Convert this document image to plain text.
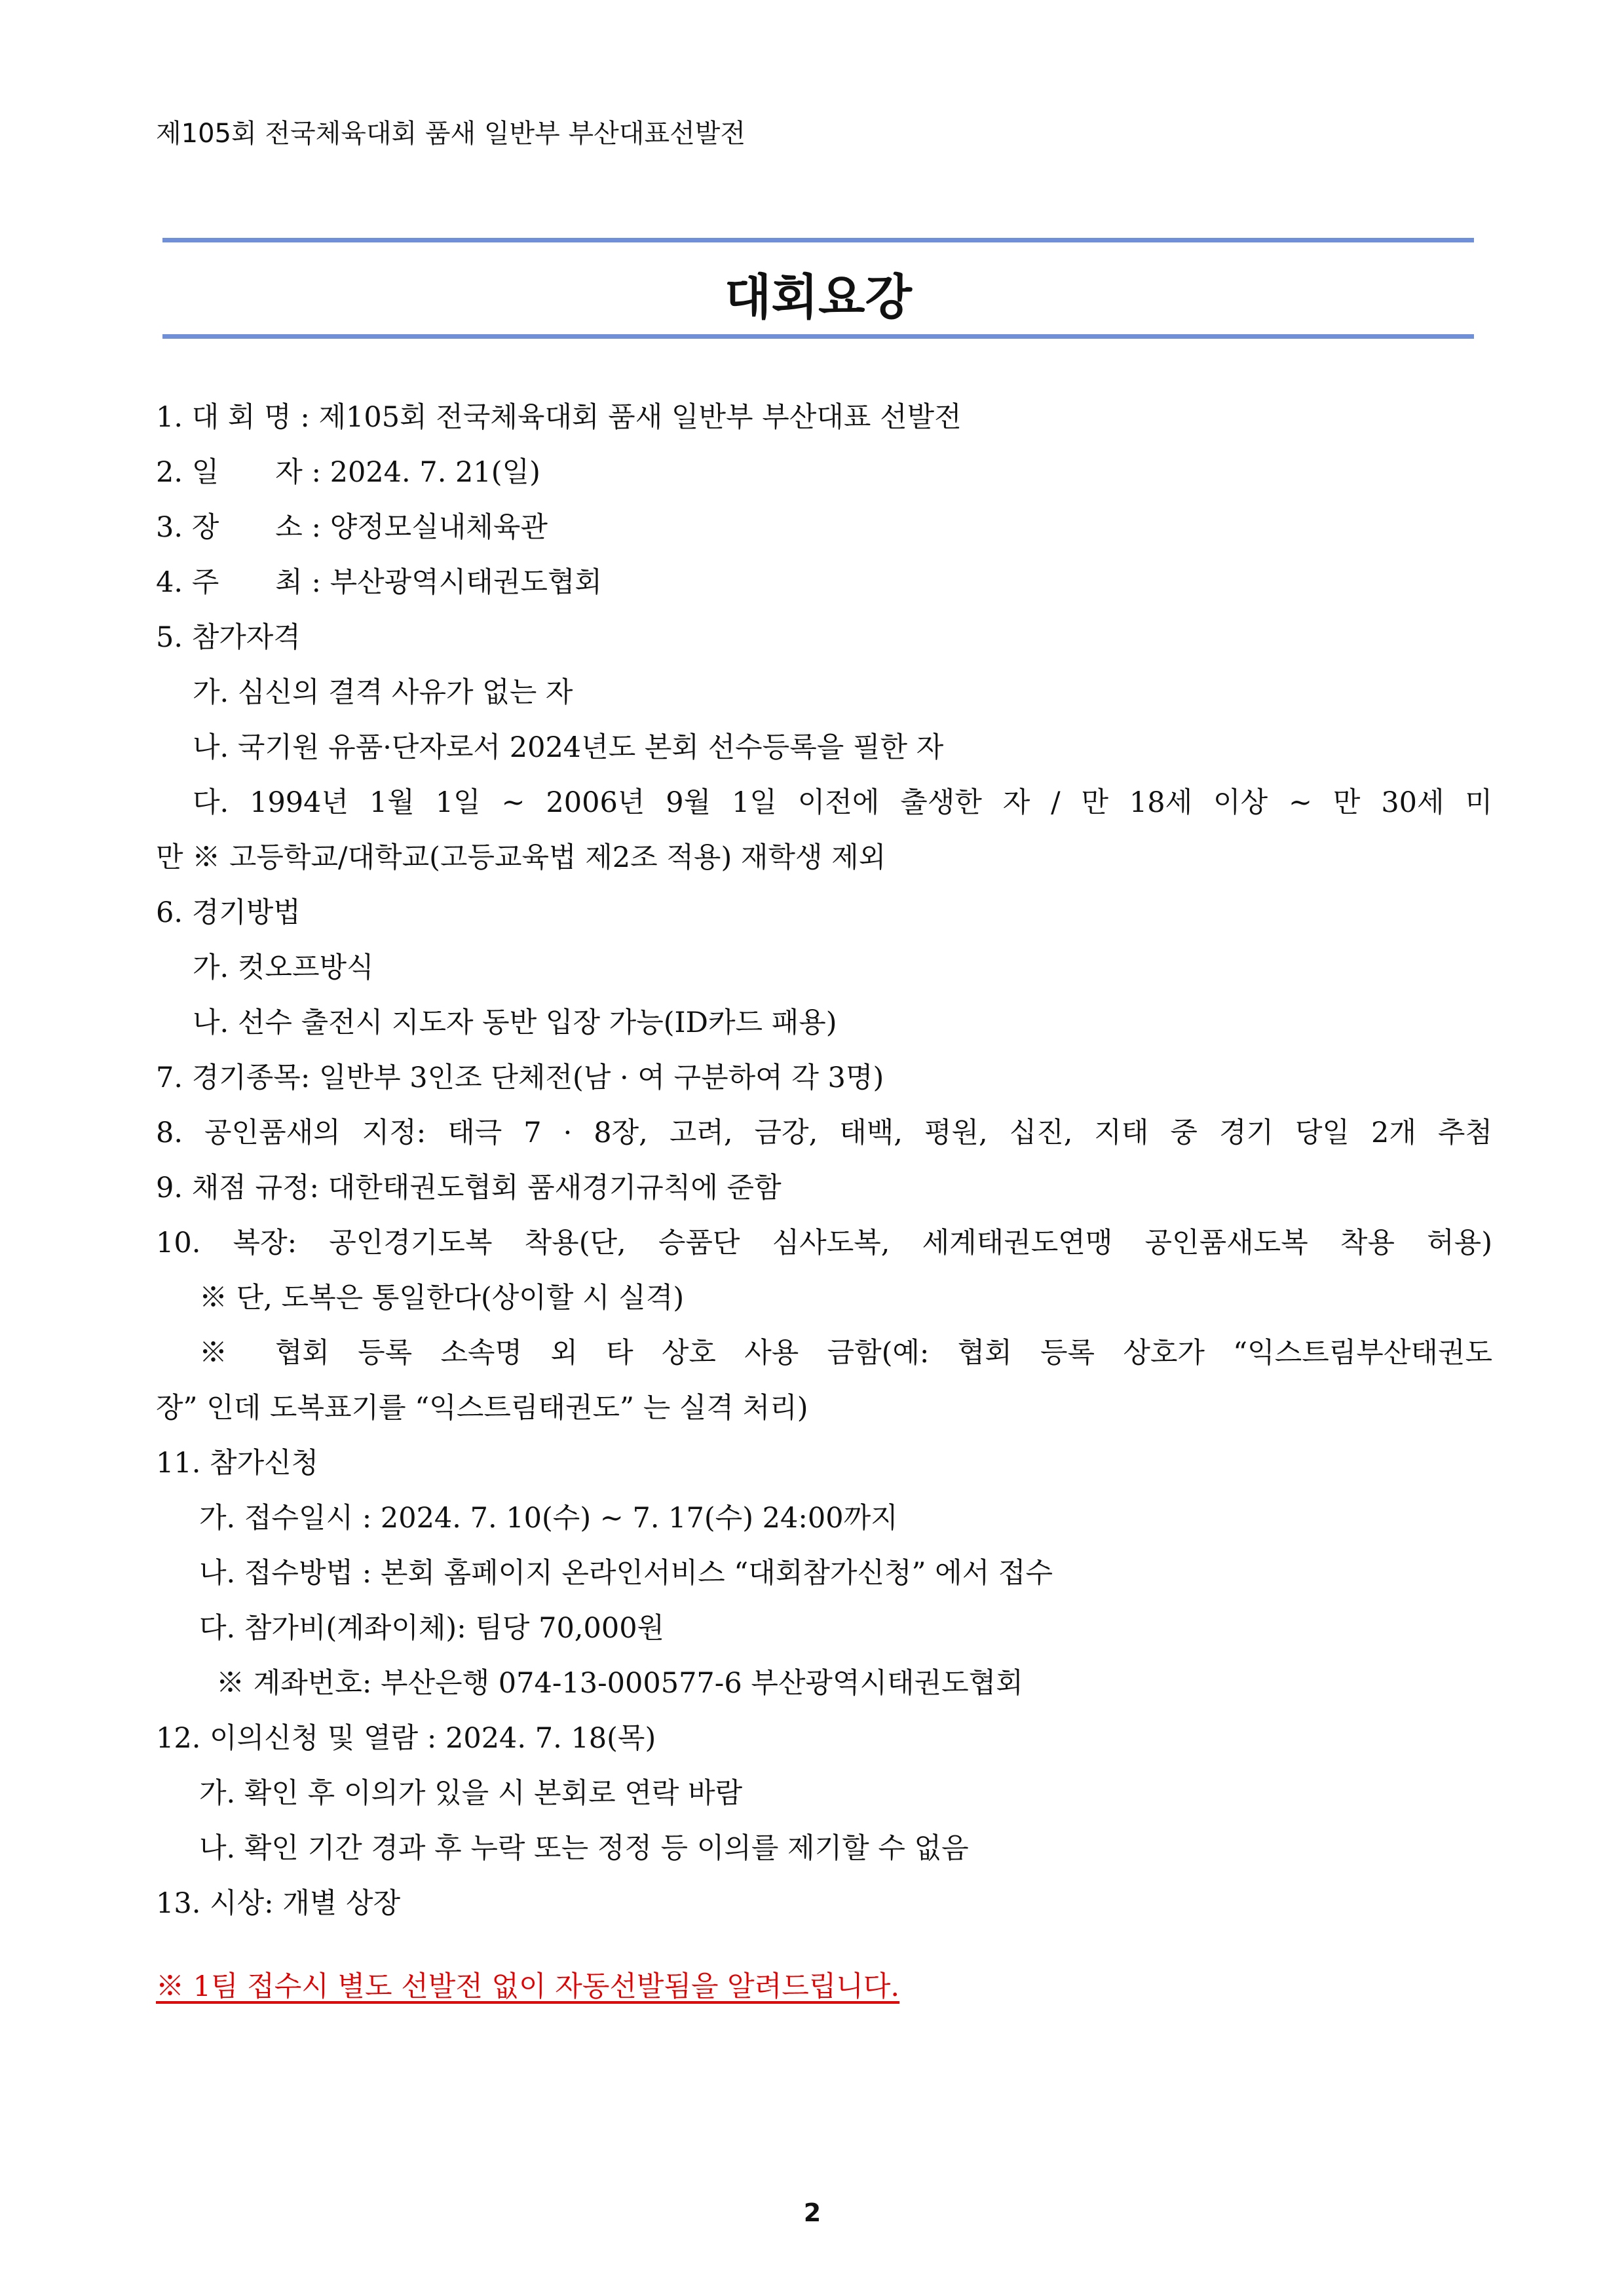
제105회 전국체육대회 품새 일반부 부산대표선발전
대회요강
1. 대 회 명 : 제105회 전국체육대회 품새 일반부 부산대표 선발전
2. 일　　자 : 2024. 7. 21(일)
3. 장　　소 : 양정모실내체육관
4. 주　　최 : 부산광역시태권도협회
5. 참가자격
가. 심신의 결격 사유가 없는 자
나. 국기원 유품·단자로서 2024년도 본회 선수등록을 필한 자
다. 1994년 1월 1일 ~ 2006년 9월 1일 이전에 출생한 자 / 만 18세 이상 ~ 만 30세 미
만 ※ 고등학교/대학교(고등교육법 제2조 적용) 재학생 제외
6. 경기방법
가. 컷오프방식
나. 선수 출전시 지도자 동반 입장 가능(ID카드 패용)
7. 경기종목: 일반부 3인조 단체전(남 · 여 구분하여 각 3명)
8. 공인품새의 지정: 태극 7 · 8장, 고려, 금강, 태백, 평원, 십진, 지태 중 경기 당일 2개 추첨
9. 채점 규정: 대한태권도협회 품새경기규칙에 준함
10. 복장: 공인경기도복 착용(단, 승품단 심사도복, 세계태권도연맹 공인품새도복 착용 허용)
※ 단, 도복은 통일한다(상이할 시 실격)
※ 협회 등록 소속명 외 타 상호 사용 금함(예: 협회 등록 상호가 “익스트림부산태권도
장” 인데 도복표기를 “익스트림태권도” 는 실격 처리)
11. 참가신청
가. 접수일시 : 2024. 7. 10(수) ~ 7. 17(수) 24:00까지
나. 접수방법 : 본회 홈페이지 온라인서비스 “대회참가신청” 에서 접수
다. 참가비(계좌이체): 팀당 70,000원
※ 계좌번호: 부산은행 074-13-000577-6 부산광역시태권도협회
12. 이의신청 및 열람 : 2024. 7. 18(목)
가. 확인 후 이의가 있을 시 본회로 연락 바람
나. 확인 기간 경과 후 누락 또는 정정 등 이의를 제기할 수 없음
13. 시상: 개별 상장
※ 1팀 접수시 별도 선발전 없이 자동선발됨을 알려드립니다.
2
